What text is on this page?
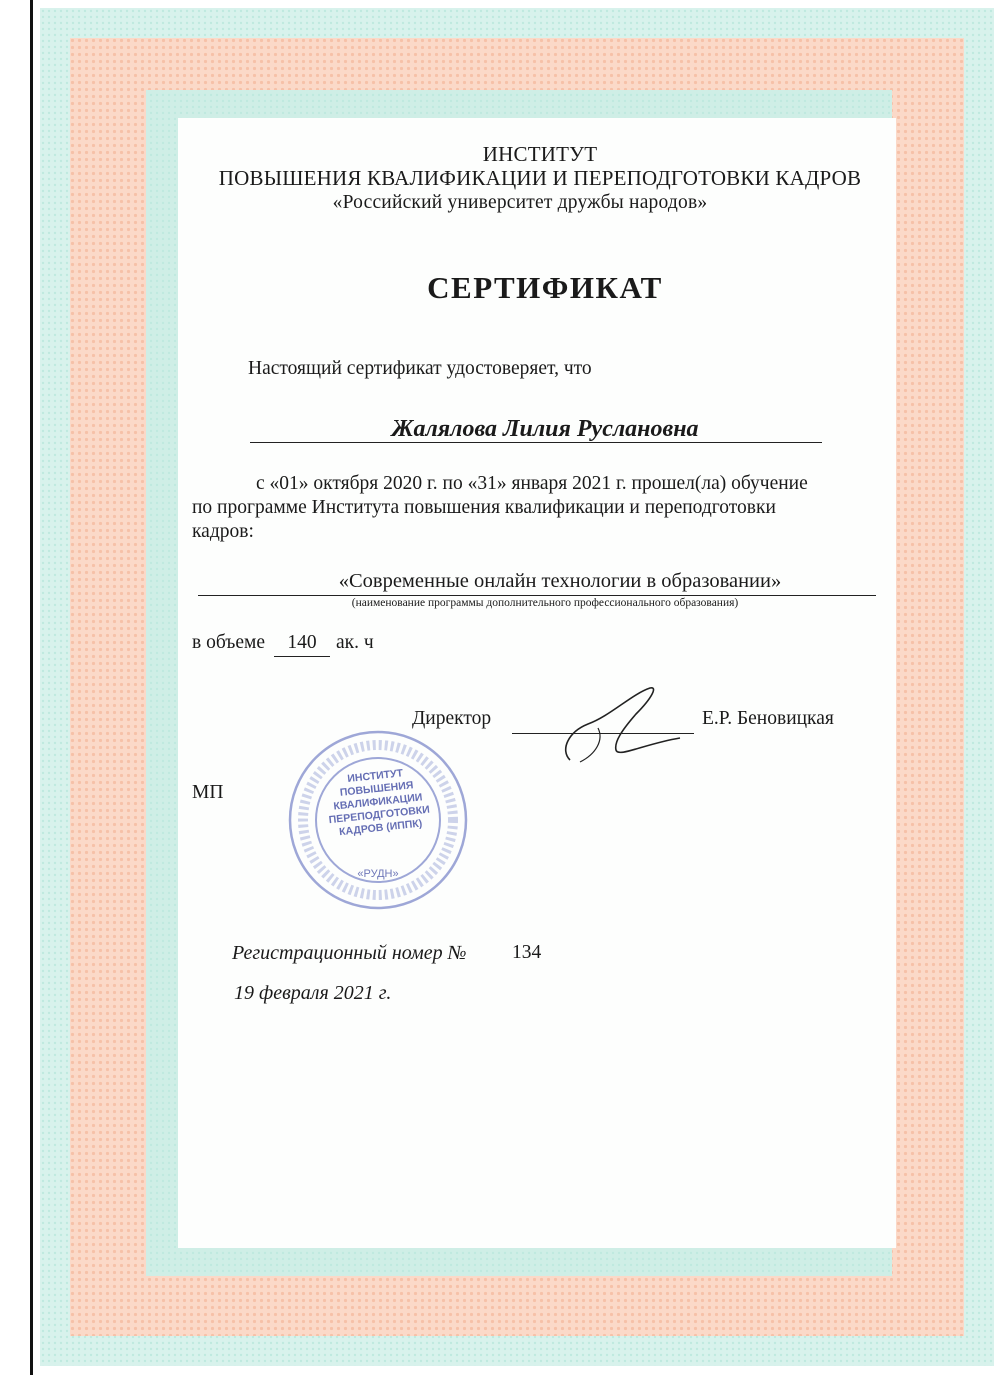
ИНСТИТУТ
ПОВЫШЕНИЯ КВАЛИФИКАЦИИ И ПЕРЕПОДГОТОВКИ КАДРОВ
«Российский университет дружбы народов»
СЕРТИФИКАТ
Настоящий сертификат удостоверяет, что
Жалялова Лилия Руслановна
с «01» октября 2020 г. по «31» января 2021 г. прошел(ла) обучение
по программе Института повышения квалификации и переподготовки
кадров:
«Современные онлайн технологии в образовании»
(наименование программы дополнительного профессионального образования)
в объеме	140 ак. ч
Директор	Е.Р. Беновицкая
МП
ИНСТИТУТ ПОВЫШЕНИЯ КВАЛИФИКАЦИИ ПЕРЕПОДГОТОВКИ КАДРОВ (ИППК)
«РУДН»
Регистрационный номер № 134
19 февраля 2021 г.
